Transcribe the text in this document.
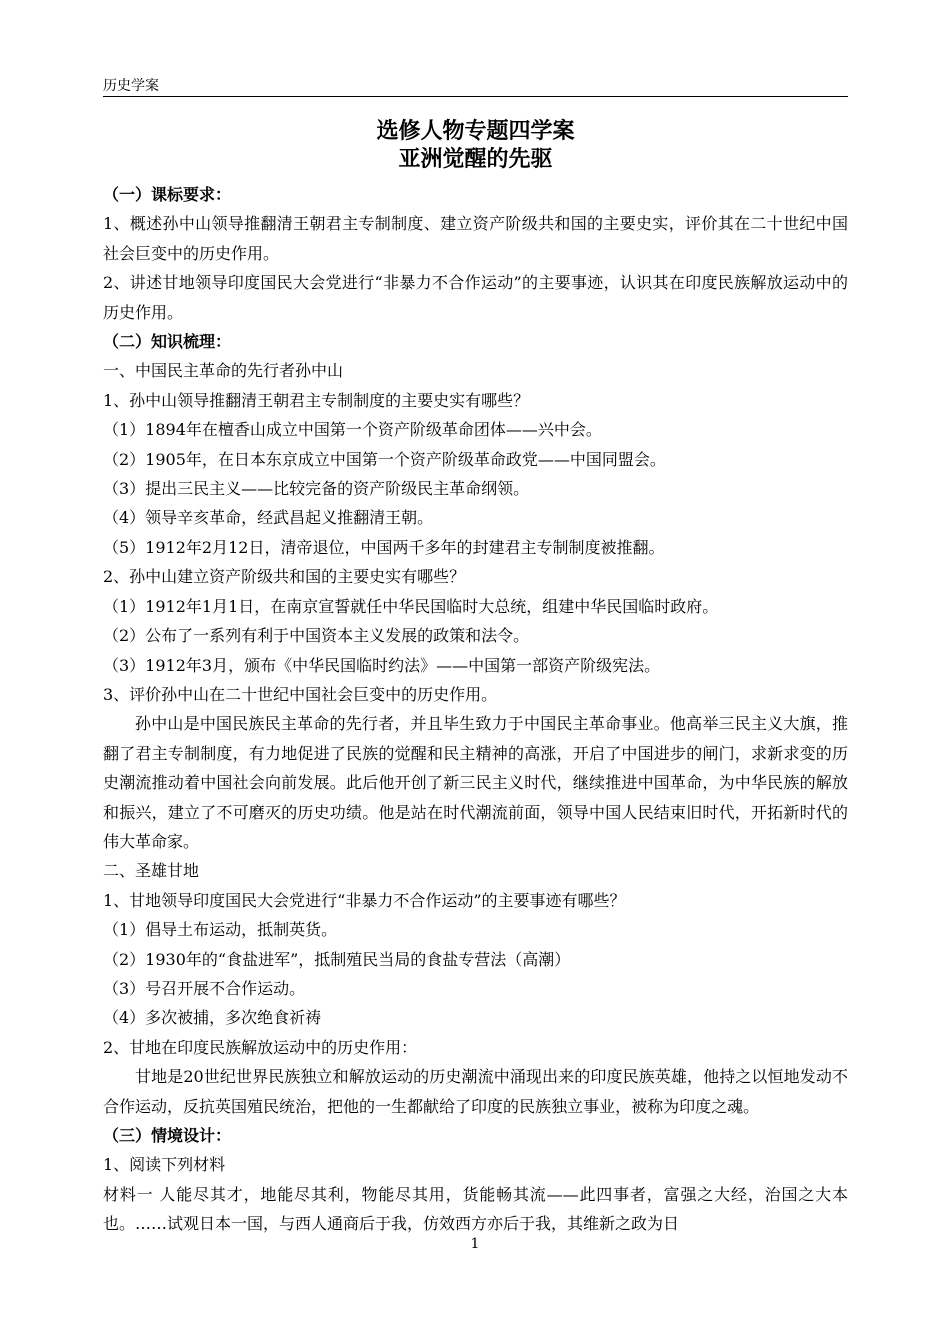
历史学案
选修人物专题四学案
亚洲觉醒的先驱

（一）课标要求：

1、概述孙中山领导推翻清王朝君主专制制度、建立资产阶级共和国的主要史实，评价其在二十世纪中国社会巨变中的历史作用。

2、讲述甘地领导印度国民大会党进行“非暴力不合作运动”的主要事迹，认识其在印度民族解放运动中的历史作用。

（二）知识梳理：

一、中国民主革命的先行者孙中山

1、孙中山领导推翻清王朝君主专制制度的主要史实有哪些？

（1）1894年在檀香山成立中国第一个资产阶级革命团体——兴中会。

（2）1905年，在日本东京成立中国第一个资产阶级革命政党——中国同盟会。

（3）提出三民主义——比较完备的资产阶级民主革命纲领。

（4）领导辛亥革命，经武昌起义推翻清王朝。

（5）1912年2月12日，清帝退位，中国两千多年的封建君主专制制度被推翻。

2、孙中山建立资产阶级共和国的主要史实有哪些？

（1）1912年1月1日，在南京宣誓就任中华民国临时大总统，组建中华民国临时政府。

（2）公布了一系列有利于中国资本主义发展的政策和法令。

（3）1912年3月，颁布《中华民国临时约法》——中国第一部资产阶级宪法。

3、评价孙中山在二十世纪中国社会巨变中的历史作用。

孙中山是中国民族民主革命的先行者，并且毕生致力于中国民主革命事业。他高举三民主义大旗，推翻了君主专制制度，有力地促进了民族的觉醒和民主精神的高涨，开启了中国进步的闸门，求新求变的历史潮流推动着中国社会向前发展。此后他开创了新三民主义时代，继续推进中国革命，为中华民族的解放和振兴，建立了不可磨灭的历史功绩。他是站在时代潮流前面，领导中国人民结束旧时代，开拓新时代的伟大革命家。

二、圣雄甘地

1、甘地领导印度国民大会党进行“非暴力不合作运动”的主要事迹有哪些？

（1）倡导土布运动，抵制英货。

（2）1930年的“食盐进军”，抵制殖民当局的食盐专营法（高潮）

（3）号召开展不合作运动。

（4）多次被捕，多次绝食祈祷

2、甘地在印度民族解放运动中的历史作用：

甘地是20世纪世界民族独立和解放运动的历史潮流中涌现出来的印度民族英雄，他持之以恒地发动不合作运动，反抗英国殖民统治，把他的一生都献给了印度的民族独立事业，被称为印度之魂。

（三）情境设计：

1、阅读下列材料

材料一 人能尽其才，地能尽其利，物能尽其用，货能畅其流——此四事者，富强之大经，治国之大本也。……试观日本一国，与西人通商后于我，仿效西方亦后于我，其维新之政为日

1
